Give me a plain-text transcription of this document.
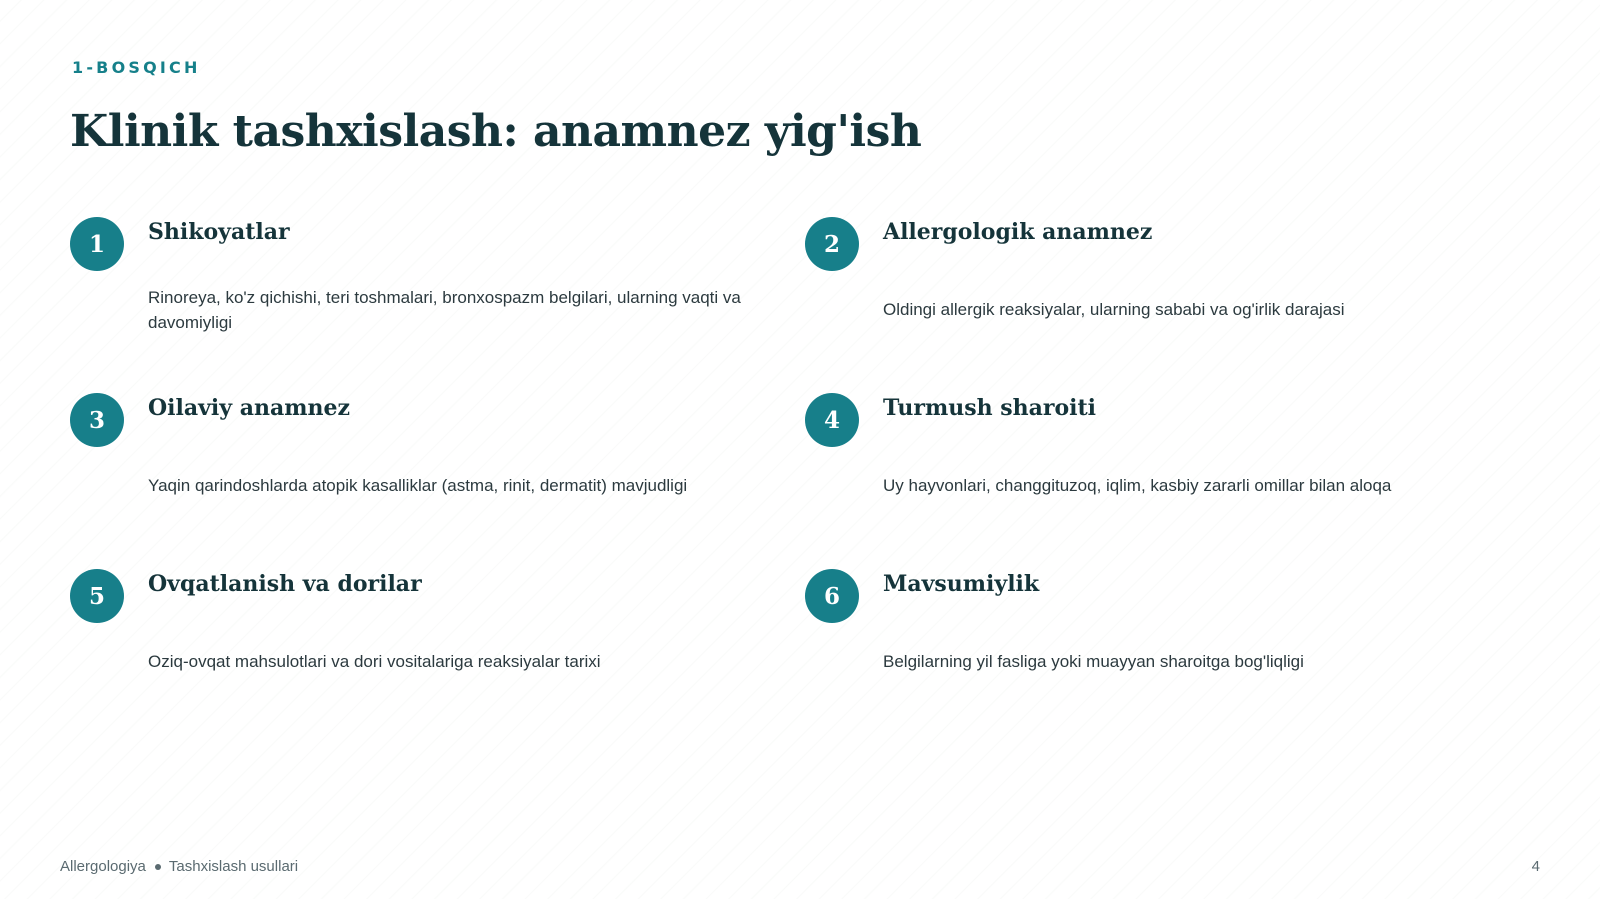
1-BOSQICH
Klinik tashxislash: anamnez yig'ish
1	Shikoyatlar

Rinoreya, ko'z qichishi, teri toshmalari, bronxospazm belgilari, ularning vaqti va davomiyligi

2	Allergologik anamnez

Oldingi allergik reaksiyalar, ularning sababi va og'irlik darajasi

3	Oilaviy anamnez

Yaqin qarindoshlarda atopik kasalliklar (astma, rinit, dermatit) mavjudligi

4	Turmush sharoiti

Uy hayvonlari, changgituzoq, iqlim, kasbiy zararli omillar bilan aloqa

5	Ovqatlanish va dorilar

Oziq-ovqat mahsulotlari va dori vositalariga reaksiyalar tarixi

6	Mavsumiylik

Belgilarning yil fasliga yoki muayyan sharoitga bog'liqligi

Allergologiya Tashxislash usullari	4
